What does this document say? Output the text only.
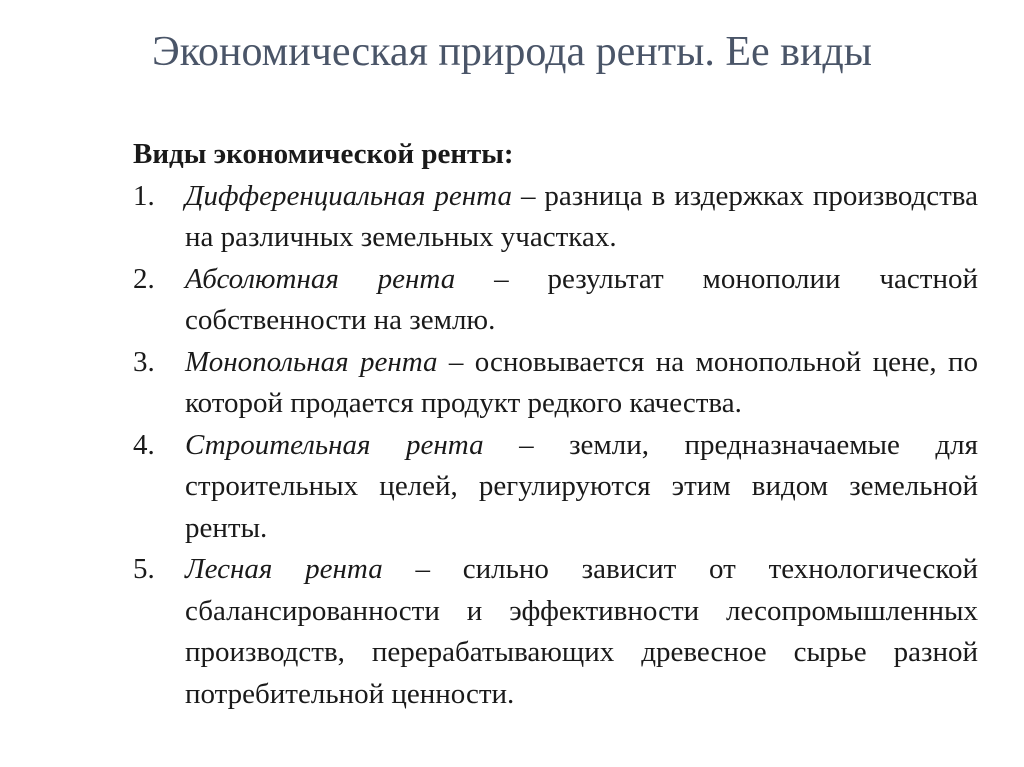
Экономическая природа ренты. Ее виды

Виды экономической ренты:

1.	Дифференциальная рента – разница в издержках производства на различных земельных участках.
2.	Абсолютная рента – результат монополии частной собственности на землю.
3.	Монопольная рента – основывается на монопольной цене, по которой продается продукт редкого качества.
4.	Строительная рента – земли, предназначаемые для строительных целей, регулируются этим видом земельной ренты.
5.	Лесная рента – сильно зависит от технологической сбалансированности и эффективности лесопромышленных производств, перерабатывающих древесное сырье разной потребительной ценности.
